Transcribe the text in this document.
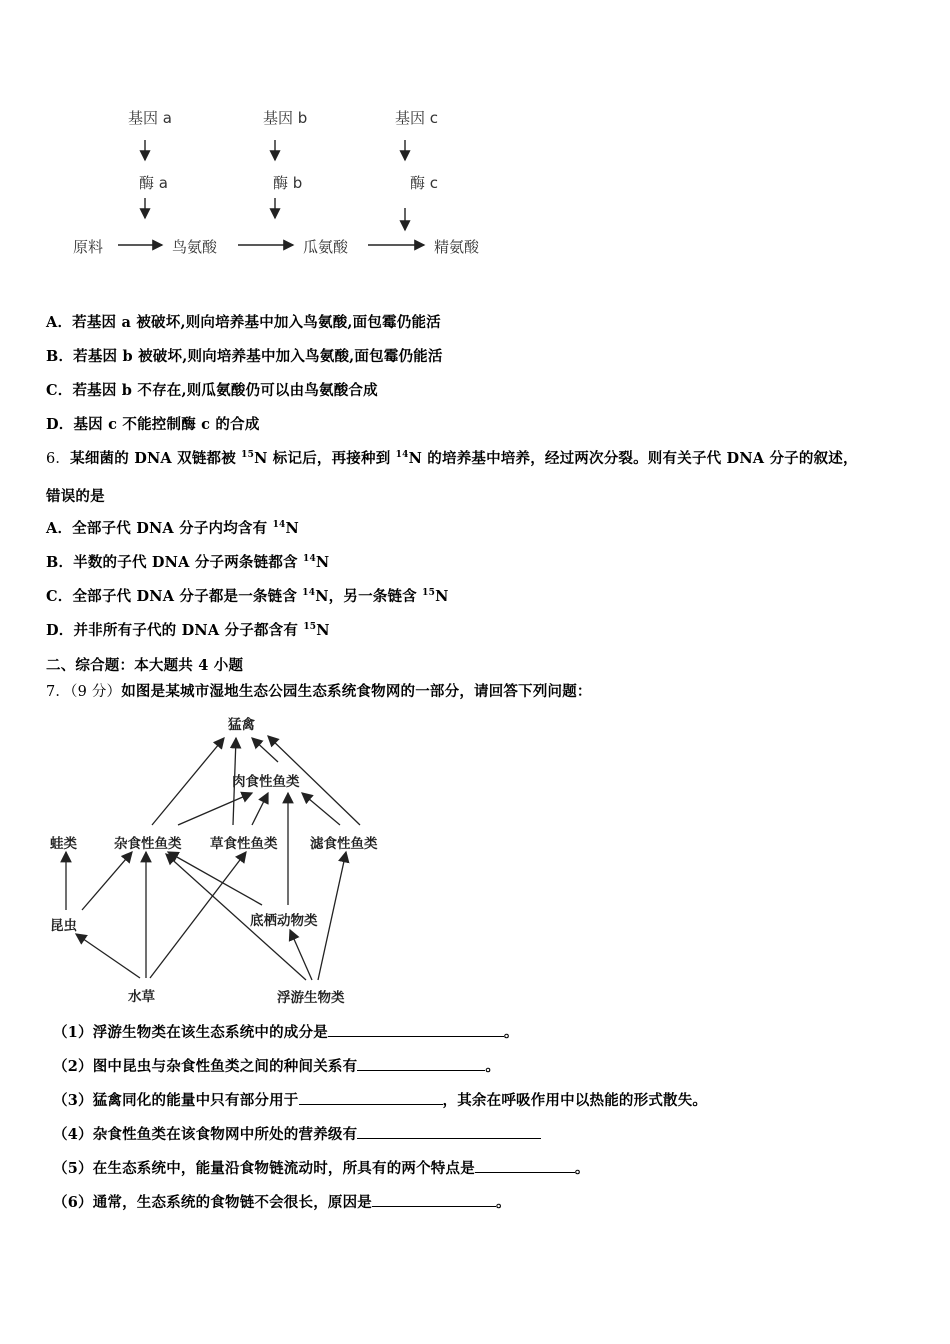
基因 a	基因 b	基因 c
酶 a	酶 b	酶 c
原料	鸟氨酸	瓜氨酸	精氨酸
A．若基因 a 被破坏,则向培养基中加入鸟氨酸,面包霉仍能活
B．若基因 b 被破坏,则向培养基中加入鸟氨酸,面包霉仍能活
C．若基因 b 不存在,则瓜氨酸仍可以由鸟氨酸合成
D．基因 c 不能控制酶 c 的合成
6．某细菌的 DNA 双链都被 $^{15}$N 标记后，再接种到 $^{14}$N 的培养基中培养，经过两次分裂。则有关子代 DNA 分子的叙述，
错误的是
A．全部子代 DNA 分子内均含有 $^{14}$N
B．半数的子代 DNA 分子两条链都含 $^{14}$N
C．全部子代 DNA 分子都是一条链含 $^{14}$N，另一条链含 $^{15}$N
D．并非所有子代的 DNA 分子都含有 $^{15}$N
二、综合题：本大题共 4 小题
7．（9 分）如图是某城市湿地生态公园生态系统食物网的一部分，请回答下列问题：
猛禽
肉食性鱼类
蛙类	杂食性鱼类 草食性鱼类 滤食性鱼类
昆虫	底栖动物类
水草	浮游生物类
（1）浮游生物类在该生态系统中的成分是	。
（2）图中昆虫与杂食性鱼类之间的种间关系有	。
（3）猛禽同化的能量中只有部分用于	，其余在呼吸作用中以热能的形式散失。
（4）杂食性鱼类在该食物网中所处的营养级有
（5）在生态系统中，能量沿食物链流动时，所具有的两个特点是	。
（6）通常，生态系统的食物链不会很长，原因是	。
